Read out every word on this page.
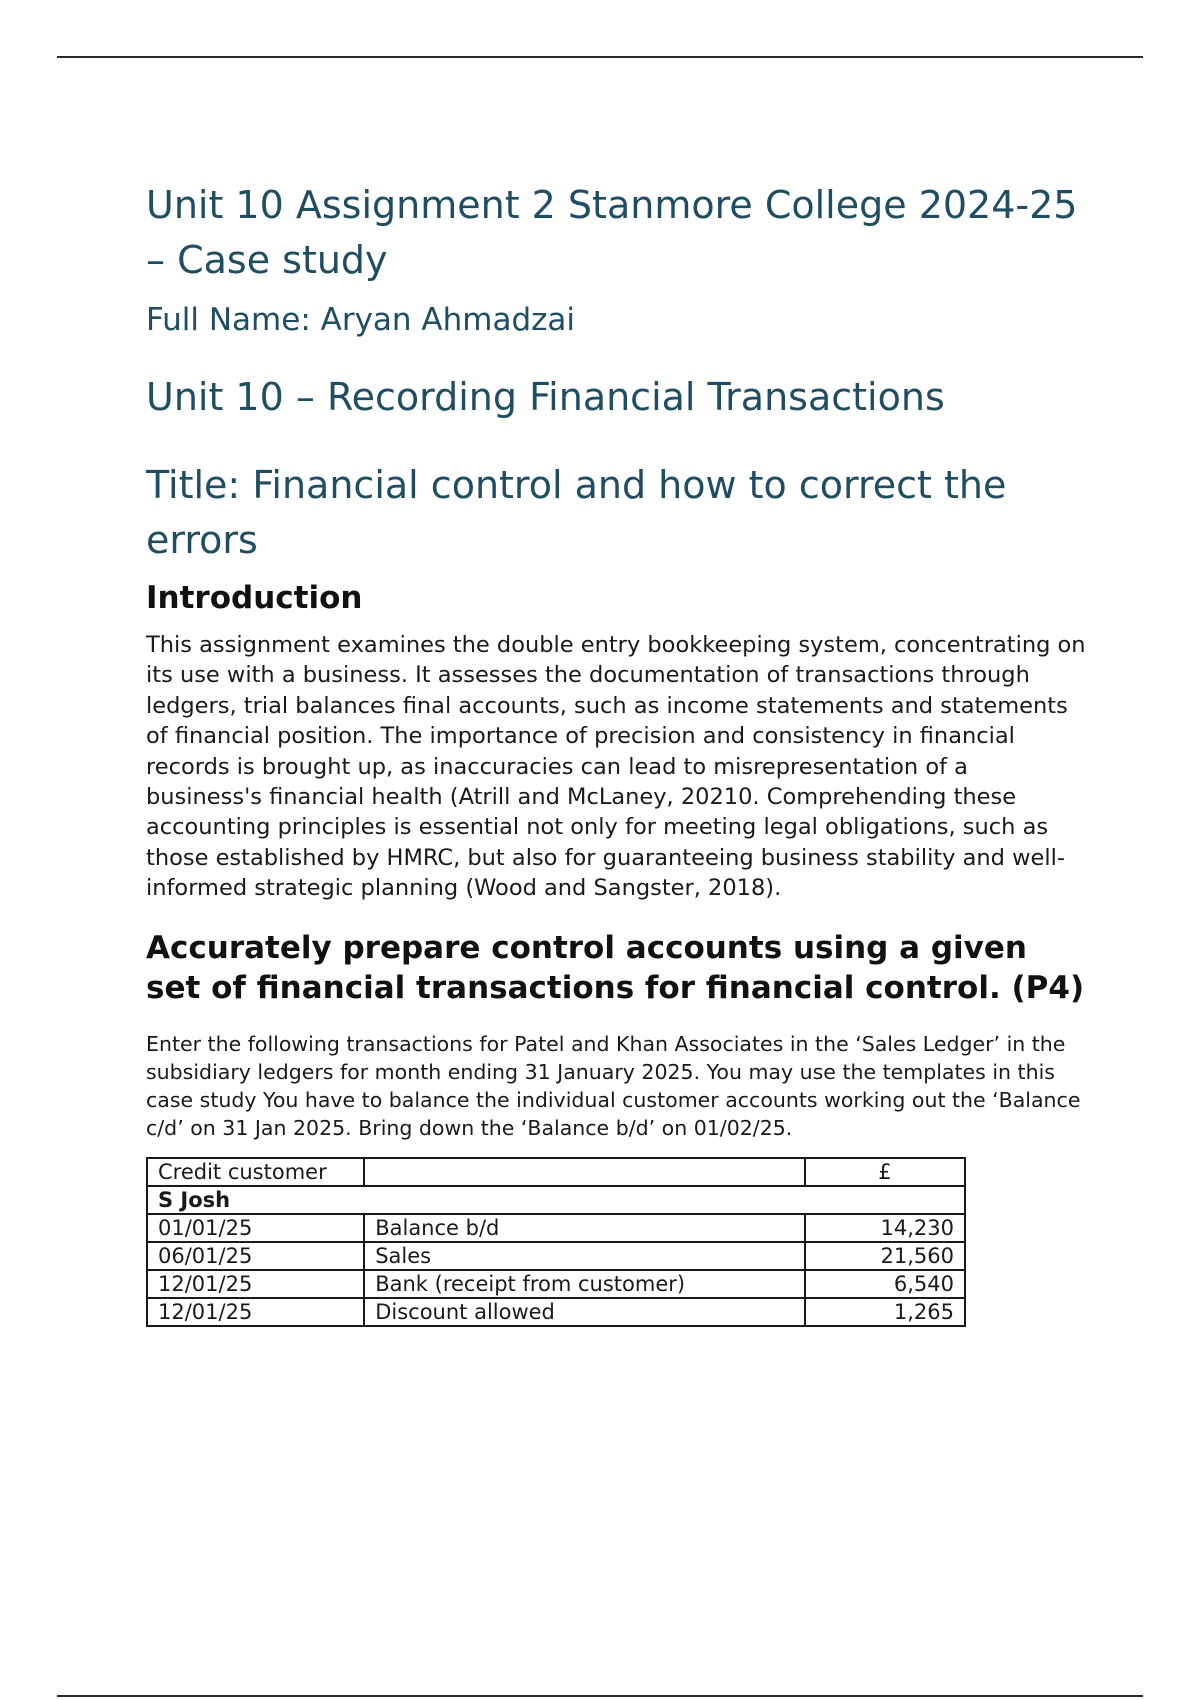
Unit 10 Assignment 2 Stanmore College 2024-25 – Case study
Full Name: Aryan Ahmadzai
Unit 10 – Recording Financial Transactions
Title: Financial control and how to correct the errors
Introduction

This assignment examines the double entry bookkeeping system, concentrating on its use with a business. It assesses the documentation of transactions through ledgers, trial balances final accounts, such as income statements and statements of financial position. The importance of precision and consistency in financial records is brought up, as inaccuracies can lead to misrepresentation of a business's financial health (Atrill and McLaney, 20210. Comprehending these accounting principles is essential not only for meeting legal obligations, such as those established by HMRC, but also for guaranteeing business stability and well-informed strategic planning (Wood and Sangster, 2018).

Accurately prepare control accounts using a given set of financial transactions for financial control. (P4)

Enter the following transactions for Patel and Khan Associates in the ‘Sales Ledger’ in the subsidiary ledgers for month ending 31 January 2025. You may use the templates in this case study You have to balance the individual customer accounts working out the ‘Balance c/d’ on 31 Jan 2025. Bring down the ‘Balance b/d’ on 01/02/25.

Credit customer		£
S Josh		
01/01/25	Balance b/d	14,230
06/01/25	Sales	21,560
12/01/25	Bank (receipt from customer)	6,540
12/01/25	Discount allowed	1,265
